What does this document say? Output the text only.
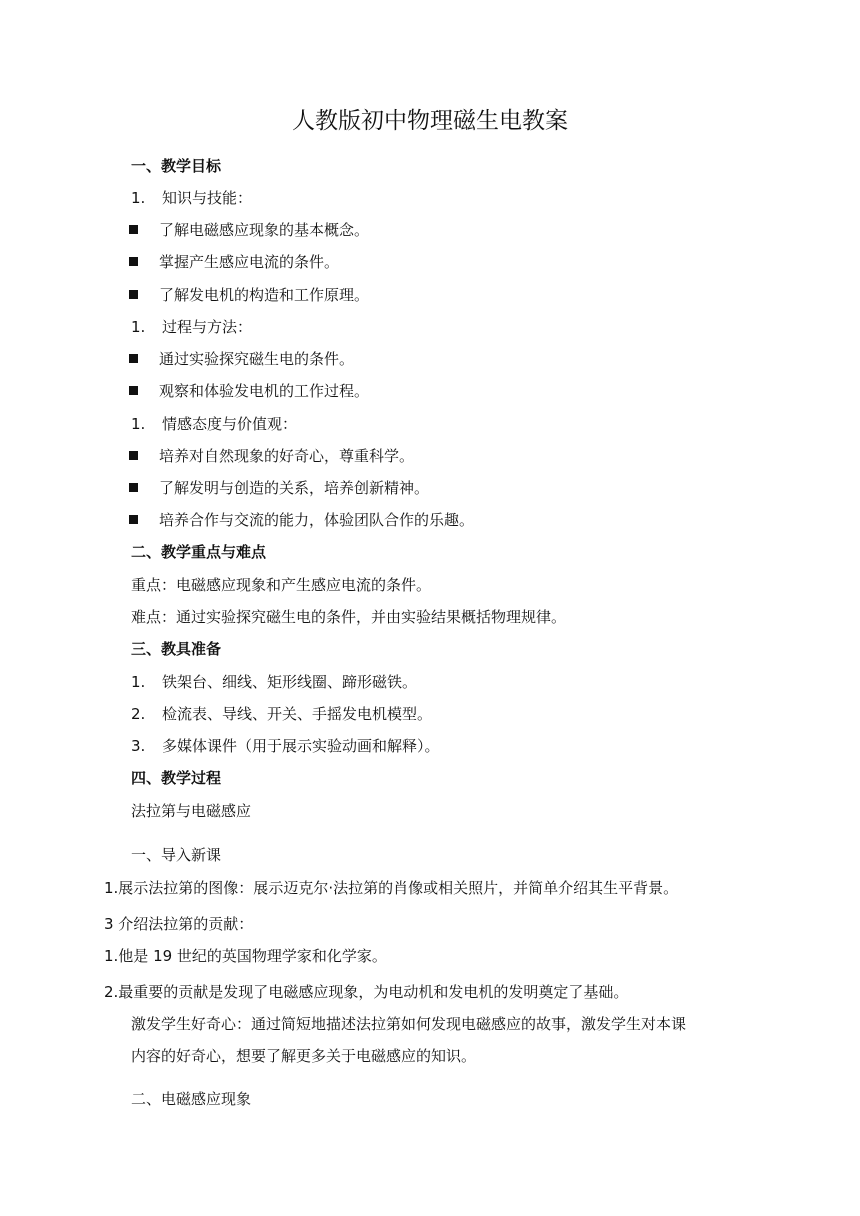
人教版初中物理磁生电教案
一、教学目标
1. 知识与技能：
了解电磁感应现象的基本概念。
掌握产生感应电流的条件。
了解发电机的构造和工作原理。
1. 过程与方法：
通过实验探究磁生电的条件。
观察和体验发电机的工作过程。
1. 情感态度与价值观：
培养对自然现象的好奇心，尊重科学。
了解发明与创造的关系，培养创新精神。
培养合作与交流的能力，体验团队合作的乐趣。
二、教学重点与难点
重点：电磁感应现象和产生感应电流的条件。
难点：通过实验探究磁生电的条件，并由实验结果概括物理规律。
三、教具准备
1. 铁架台、细线、矩形线圈、蹄形磁铁。
2. 检流表、导线、开关、手摇发电机模型。
3. 多媒体课件（用于展示实验动画和解释）。
四、教学过程
法拉第与电磁感应
一、导入新课
1.展示法拉第的图像：展示迈克尔·法拉第的肖像或相关照片，并简单介绍其生平背景。
3 介绍法拉第的贡献：
1.他是 19 世纪的英国物理学家和化学家。
2.最重要的贡献是发现了电磁感应现象，为电动机和发电机的发明奠定了基础。
激发学生好奇心：通过简短地描述法拉第如何发现电磁感应的故事，激发学生对本课
内容的好奇心，想要了解更多关于电磁感应的知识。
二、电磁感应现象
